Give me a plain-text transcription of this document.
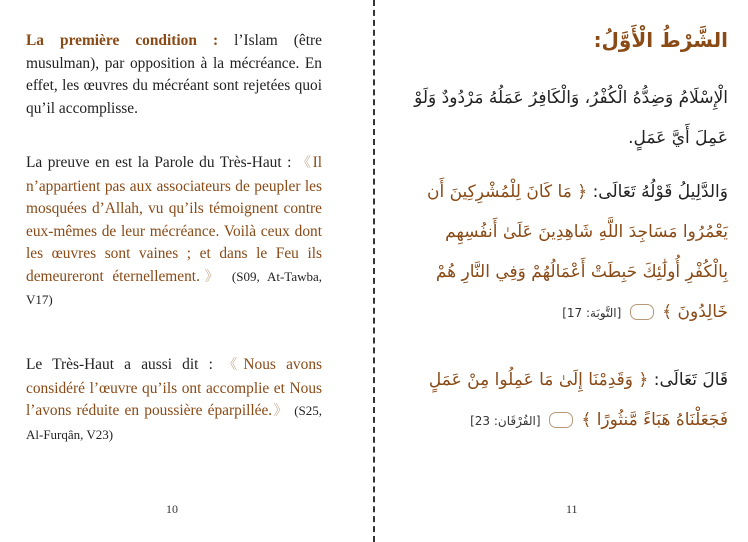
La première condition : l’Islam (être musulman), par opposition à la mécréance. En effet, les œuvres du mécréant sont rejetées quoi qu’il accomplisse.

La preuve en est la Parole du Très-Haut : 《Il n’appartient pas aux associateurs de peupler les mosquées d’Allah, vu qu’ils témoignent contre eux-mêmes de leur mécréance. Voilà ceux dont les œuvres sont vaines ; et dans le Feu ils demeureront éternellement.》 (S09, At-Tawba, V17)

Le Très-Haut a aussi dit : 《Nous avons considéré l’œuvre qu’ils ont accomplie et Nous l’avons réduite en poussière éparpillée.》 (S25, Al-Furqân, V23)

10
الشَّرْطُ الْأَوَّلُ:
الْإِسْلَامُ وَضِدُّهُ الْكُفْرُ، وَالْكَافِرُ عَمَلُهُ مَرْدُودٌ وَلَوْ عَمِلَ أَيَّ عَمَلٍ.
وَالدَّلِيلُ قَوْلُهُ تَعَالَى: ﴿ مَا كَانَ لِلْمُشْرِكِينَ أَن يَعْمُرُوا مَسَاجِدَ اللَّهِ شَاهِدِينَ عَلَىٰ أَنفُسِهِم بِالْكُفْرِ أُولَٰئِكَ حَبِطَتْ أَعْمَالُهُمْ وَفِي النَّارِ هُمْ خَالِدُونَ ﴾  [التَّوبَة: 17]
قَالَ تَعَالَى: ﴿ وَقَدِمْنَا إِلَىٰ مَا عَمِلُوا مِنْ عَمَلٍ فَجَعَلْنَاهُ هَبَاءً مَّنثُورًا ﴾  [الفُرْقَان: 23]
11
